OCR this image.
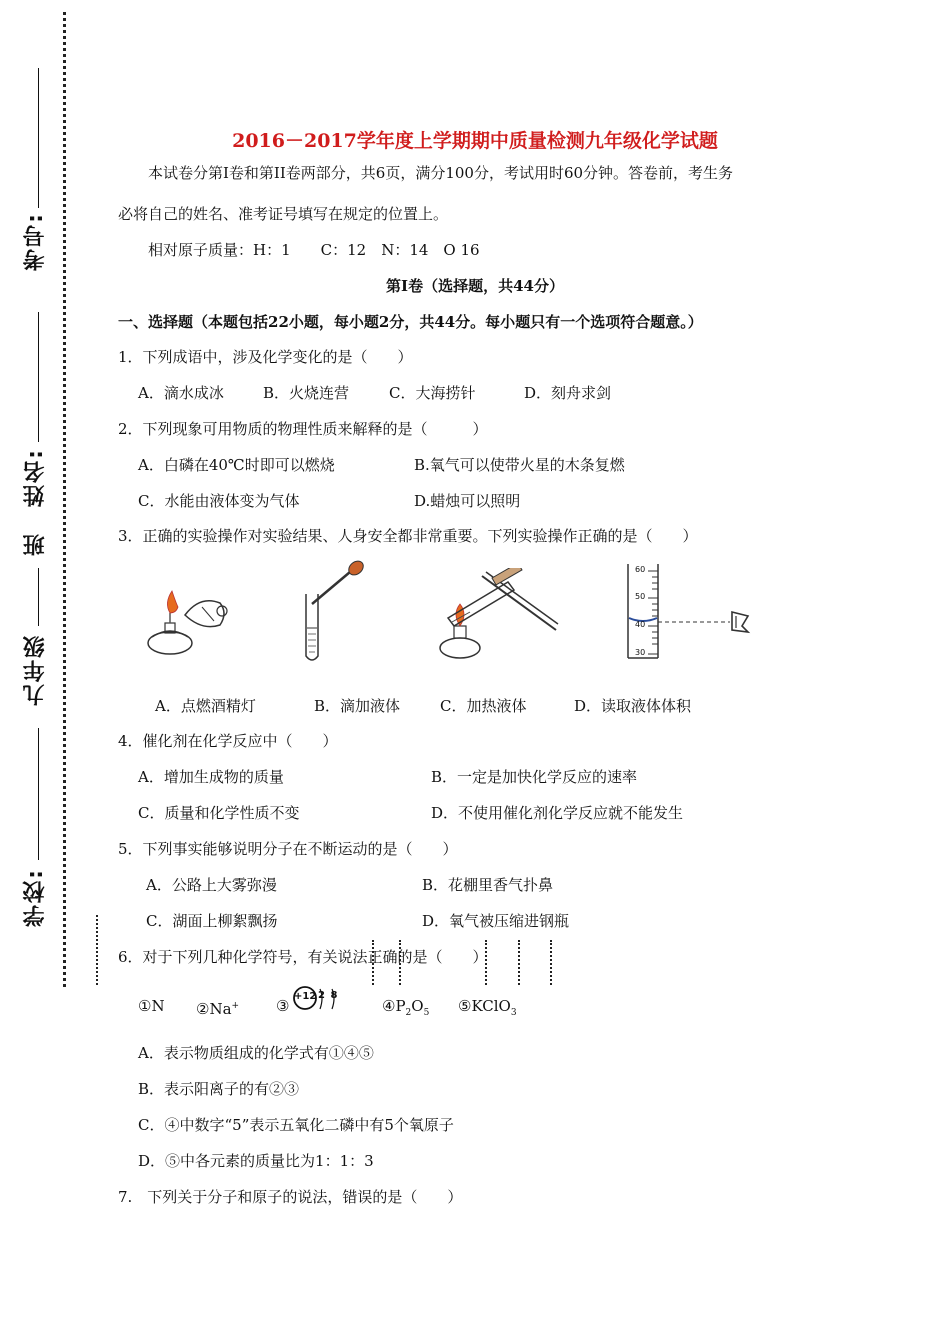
考号:
姓名:
班
九年级
学校:
2016－2017学年度上学期期中质量检测九年级化学试题
本试卷分第Ⅰ卷和第II卷两部分，共6页，满分100分，考试用时60分钟。答卷前，考生务
必将自己的姓名、准考证号填写在规定的位置上。
相对原子质量：H：1　　C：12　N：14　O 16
第Ⅰ卷（选择题，共44分）
一、选择题（本题包括22小题，每小题2分，共44分。每小题只有一个选项符合题意。）
1．下列成语中，涉及化学变化的是（　　）
A．滴水成冰	B．火烧连营	C．大海捞针	D．刻舟求剑
2．下列现象可用物质的物理性质来解释的是（　　　）
A．白磷在40℃时即可以燃烧	B.氧气可以使带火星的木条复燃
C．水能由液体变为气体	D.蜡烛可以照明
3．正确的实验操作对实验结果、人身安全都非常重要。下列实验操作正确的是（　　）
A．点燃酒精灯	B．滴加液体	C．加热液体
60
50
40
30
D．读取液体体积
4．催化剂在化学反应中（　　）
A．增加生成物的质量	B．一定是加快化学反应的速率
C．质量和化学性质不变	D．不使用催化剂化学反应就不能发生
5．下列事实能够说明分子在不断运动的是（　　）
A．公路上大雾弥漫	B．花棚里香气扑鼻
C．湖面上柳絮飘扬	D．氧气被压缩进钢瓶
6．对于下列几种化学符号，有关说法正确的是（　　）
①N ②Na+ ③
+12 2 8
$④P_2O_5$ ⑤KClO$_3$
A．表示物质组成的化学式有①④⑤
B．表示阳离子的有②③
C．④中数字“5”表示五氧化二磷中有5个氧原子
D．⑤中各元素的质量比为1：1：3
7.　下列关于分子和原子的说法，错误的是（　　）
